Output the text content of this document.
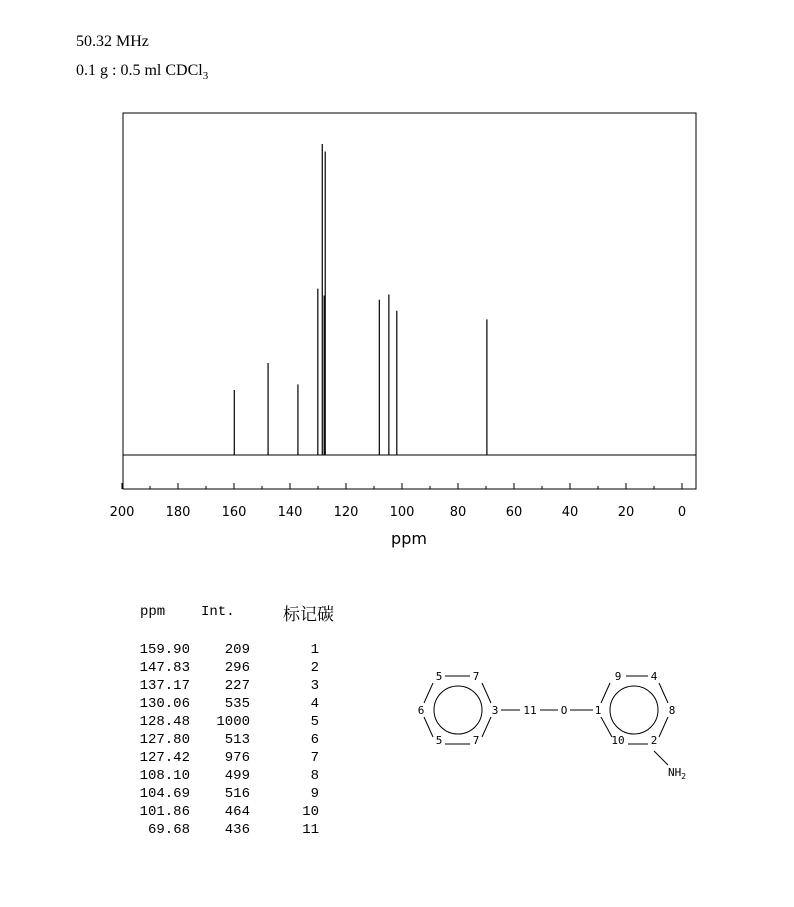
50.32 MHz
0.1 g : 0.5 ml CDCl$_3$
200 180 160 140 120 100	80	60	40	20	0
ppm
ppm	Int.	标记碳
159.90	209	1
147.83	296	2
137.17	227	3
130.06	535	4
128.48	1000	5
127.80	513	6
127.42	976	7
108.10	499	8
104.69	516	9
101.86	464	10
69.68	436	11
5	7
6	3
5	7
11 O
9	4
1	8
10 2
$NH_2$
